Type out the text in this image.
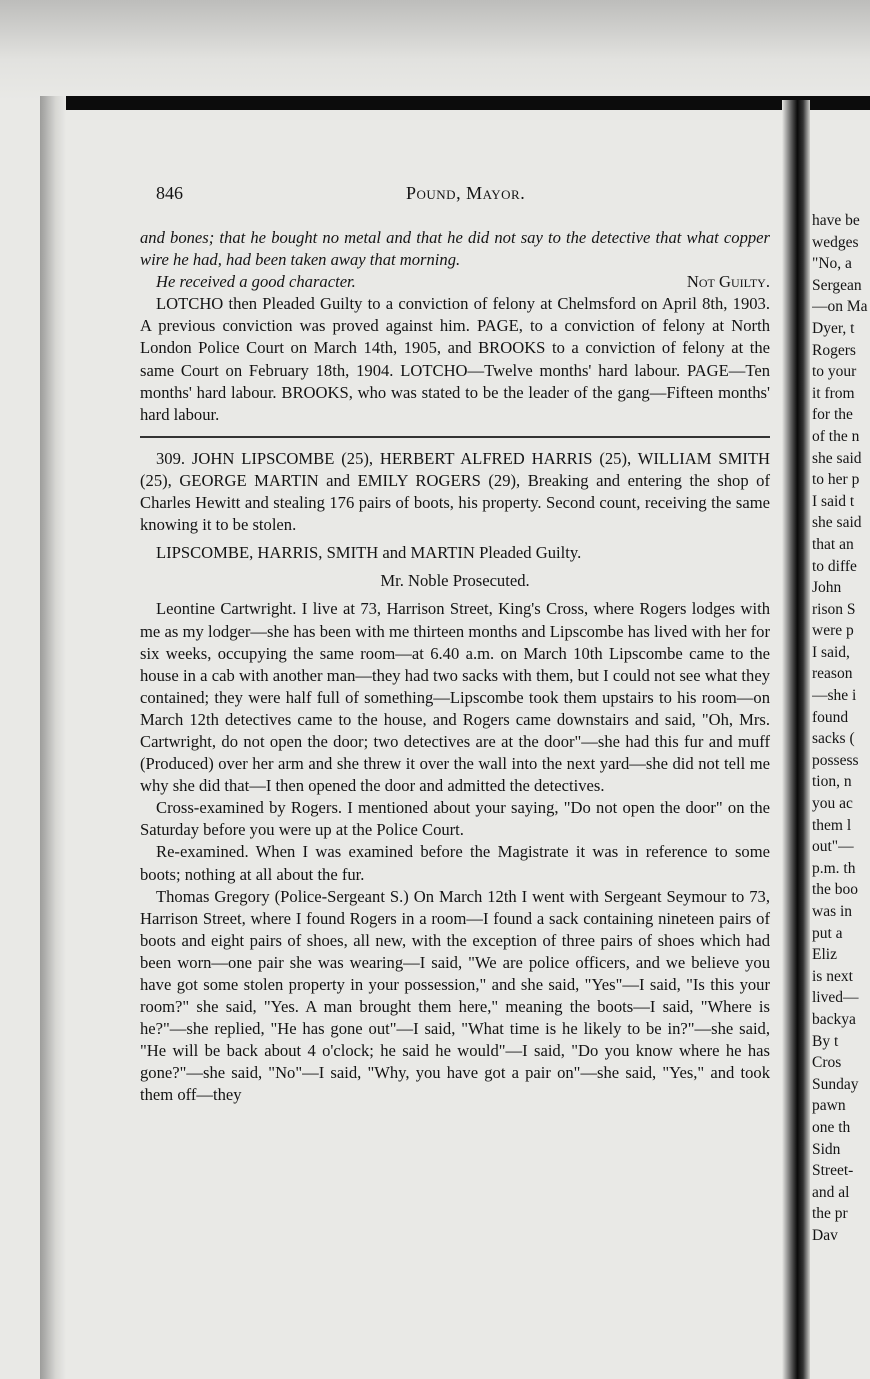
846	Pound, Mayor.

and bones; that he bought no metal and that he did not say to the detective that what copper wire he had, had been taken away that morning.

He received a good character.	Not Guilty.

LOTCHO then Pleaded Guilty to a conviction of felony at Chelmsford on April 8th, 1903. A previous conviction was proved against him. PAGE, to a conviction of felony at North London Police Court on March 14th, 1905, and BROOKS to a conviction of felony at the same Court on February 18th, 1904. LOTCHO—Twelve months' hard labour. PAGE—Ten months' hard labour. BROOKS, who was stated to be the leader of the gang—Fifteen months' hard labour.

309. JOHN LIPSCOMBE (25), HERBERT ALFRED HARRIS (25), WILLIAM SMITH (25), GEORGE MARTIN and EMILY ROGERS (29), Breaking and entering the shop of Charles Hewitt and stealing 176 pairs of boots, his property. Second count, receiving the same knowing it to be stolen.

LIPSCOMBE, HARRIS, SMITH and MARTIN Pleaded Guilty.

Mr. Noble Prosecuted.

Leontine Cartwright. I live at 73, Harrison Street, King's Cross, where Rogers lodges with me as my lodger—she has been with me thirteen months and Lipscombe has lived with her for six weeks, occupying the same room—at 6.40 a.m. on March 10th Lipscombe came to the house in a cab with another man—they had two sacks with them, but I could not see what they contained; they were half full of something—Lipscombe took them upstairs to his room—on March 12th detectives came to the house, and Rogers came downstairs and said, "Oh, Mrs. Cartwright, do not open the door; two detectives are at the door"—she had this fur and muff (Produced) over her arm and she threw it over the wall into the next yard—she did not tell me why she did that—I then opened the door and admitted the detectives.

Cross-examined by Rogers. I mentioned about your saying, "Do not open the door" on the Saturday before you were up at the Police Court.

Re-examined. When I was examined before the Magistrate it was in reference to some boots; nothing at all about the fur.

Thomas Gregory (Police-Sergeant S.) On March 12th I went with Sergeant Seymour to 73, Harrison Street, where I found Rogers in a room—I found a sack containing nineteen pairs of boots and eight pairs of shoes, all new, with the exception of three pairs of shoes which had been worn—one pair she was wearing—I said, "We are police officers, and we believe you have got some stolen property in your possession," and she said, "Yes"—I said, "Is this your room?" she said, "Yes. A man brought them here," meaning the boots—I said, "Where is he?"—she replied, "He has gone out"—I said, "What time is he likely to be in?"—she said, "He will be back about 4 o'clock; he said he would"—I said, "Do you know where he has gone?"—she said, "No"—I said, "Why, you have got a pair on"—she said, "Yes," and took them off—they

have be
wedges
"No, a
Sergean
—on Ma
Dyer, t
Rogers
to your
it from
for the
of the n
she said
to her p
I said t
she said
that an
to diffe
John
rison S
were p
I said,
reason
—she i
found
sacks (
possess
tion, n
you ac
them l
out"—
p.m. th
the boo
was in
put a
Eliz
is next
lived—
backya
By t
Cros
Sunday
pawn
one th
Sidn
Street-
and al
the pr
Dav
